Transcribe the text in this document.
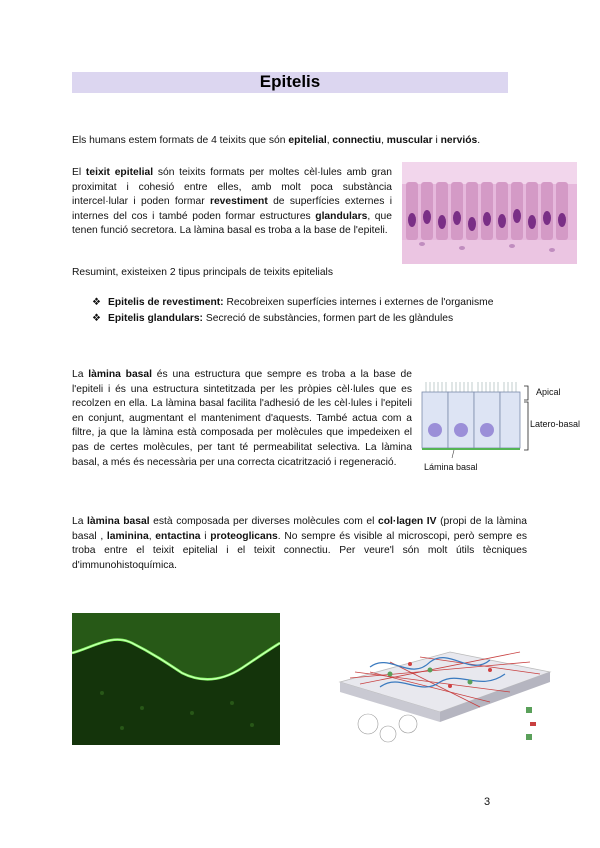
Epitelis

Els humans estem formats de 4 teixits que són epitelial, connectiu, muscular i nerviós.

El teixit epitelial són teixits formats per moltes cèl·lules amb gran proximitat i cohesió entre elles, amb molt poca substància intercel·lular i poden formar revestiment de superfícies externes i internes del cos i també poden formar estructures glandulars, que tenen funció secretora. La làmina basal es troba a la base de l'epiteli.

Resumint, existeixen 2 tipus principals de teixits epitelials

❖ Epitelis de revestiment: Recobreixen superfícies internes i externes de l'organisme
❖ Epitelis glandulars: Secreció de substàncies, formen part de les glàndules

La làmina basal és una estructura que sempre es troba a la base de l'epiteli i és una estructura sintetitzada per les pròpies cèl·lules que es recolzen en ella. La làmina basal facilita l'adhesió de les cèl·lules i l'epiteli en conjunt, augmentant el manteniment d'aquests. També actua com a filtre, ja que la làmina està composada per molècules que impedeixen el pas de certes molècules, per tant té permeabilitat selectiva. La làmina basal, a més és necessària per una correcta cicatrització i regeneració.

Apical
Latero-basal
Lámina basal

La làmina basal està composada per diverses molècules com el col·lagen IV (propi de la làmina basal , laminina, entactina i proteoglicans. No sempre és visible al microscopi, però sempre es troba entre el teixit epitelial i el teixit connectiu. Per veure'l són molt útils tècniques d'immunohistoquímica.

3
